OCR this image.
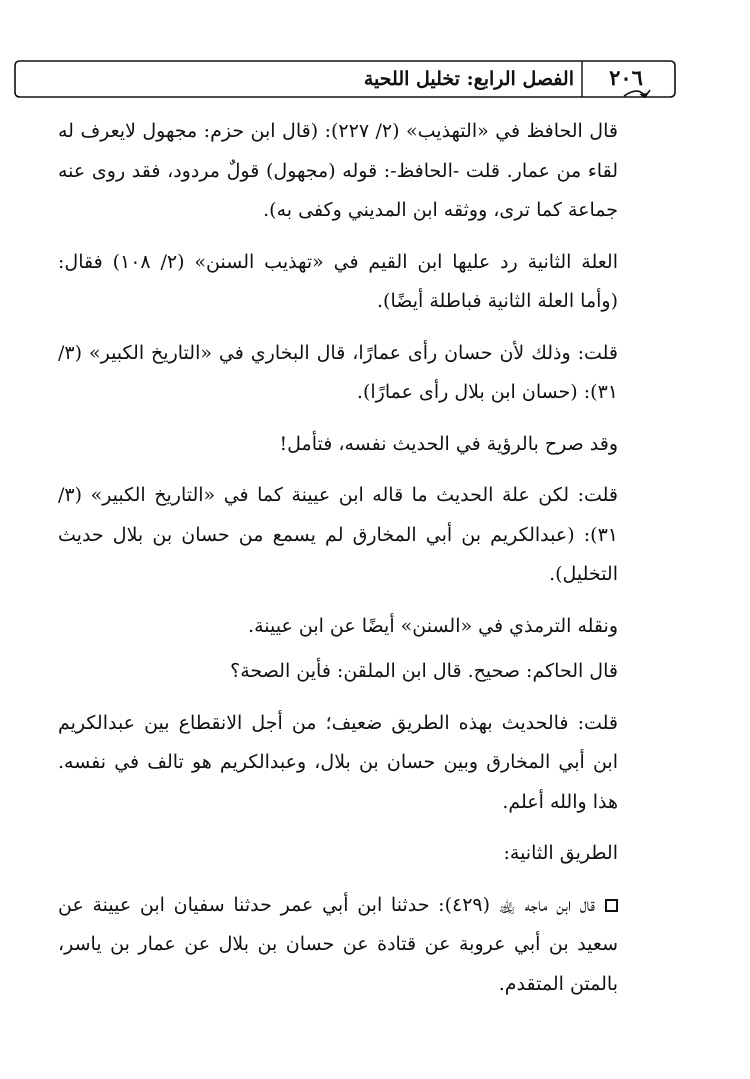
الفصل الرابع: تخليل اللحية	٢٠٦

قال الحافظ في «التهذيب» (٢/ ٢٢٧): (قال ابن حزم: مجهول لايعرف له لقاء من عمار. قلت -الحافظ-: قوله (مجهول) قولٌ مردود، فقد روى عنه جماعة كما ترى، ووثقه ابن المديني وكفى به).

العلة الثانية رد عليها ابن القيم في «تهذيب السنن» (٢/ ١٠٨) فقال: (وأما العلة الثانية فباطلة أيضًا).

قلت: وذلك لأن حسان رأى عمارًا، قال البخاري في «التاريخ الكبير» (٣/ ٣١): (حسان ابن بلال رأى عمارًا).

وقد صرح بالرؤية في الحديث نفسه، فتأمل!

قلت: لكن علة الحديث ما قاله ابن عيينة كما في «التاريخ الكبير» (٣/ ٣١): (عبدالكريم بن أبي المخارق لم يسمع من حسان بن بلال حديث التخليل).

ونقله الترمذي في «السنن» أيضًا عن ابن عيينة.

قال الحاكم: صحيح. قال ابن الملقن: فأين الصحة؟

قلت: فالحديث بهذه الطريق ضعيف؛ من أجل الانقطاع بين عبدالكريم ابن أبي المخارق وبين حسان بن بلال، وعبدالكريم هو تالف في نفسه. هذا والله أعلم.

الطريق الثانية:

قال ابن ماجه ﵀ (٤٢٩): حدثنا ابن أبي عمر حدثنا سفيان ابن عيينة عن سعيد بن أبي عروبة عن قتادة عن حسان بن بلال عن عمار بن ياسر، بالمتن المتقدم.
